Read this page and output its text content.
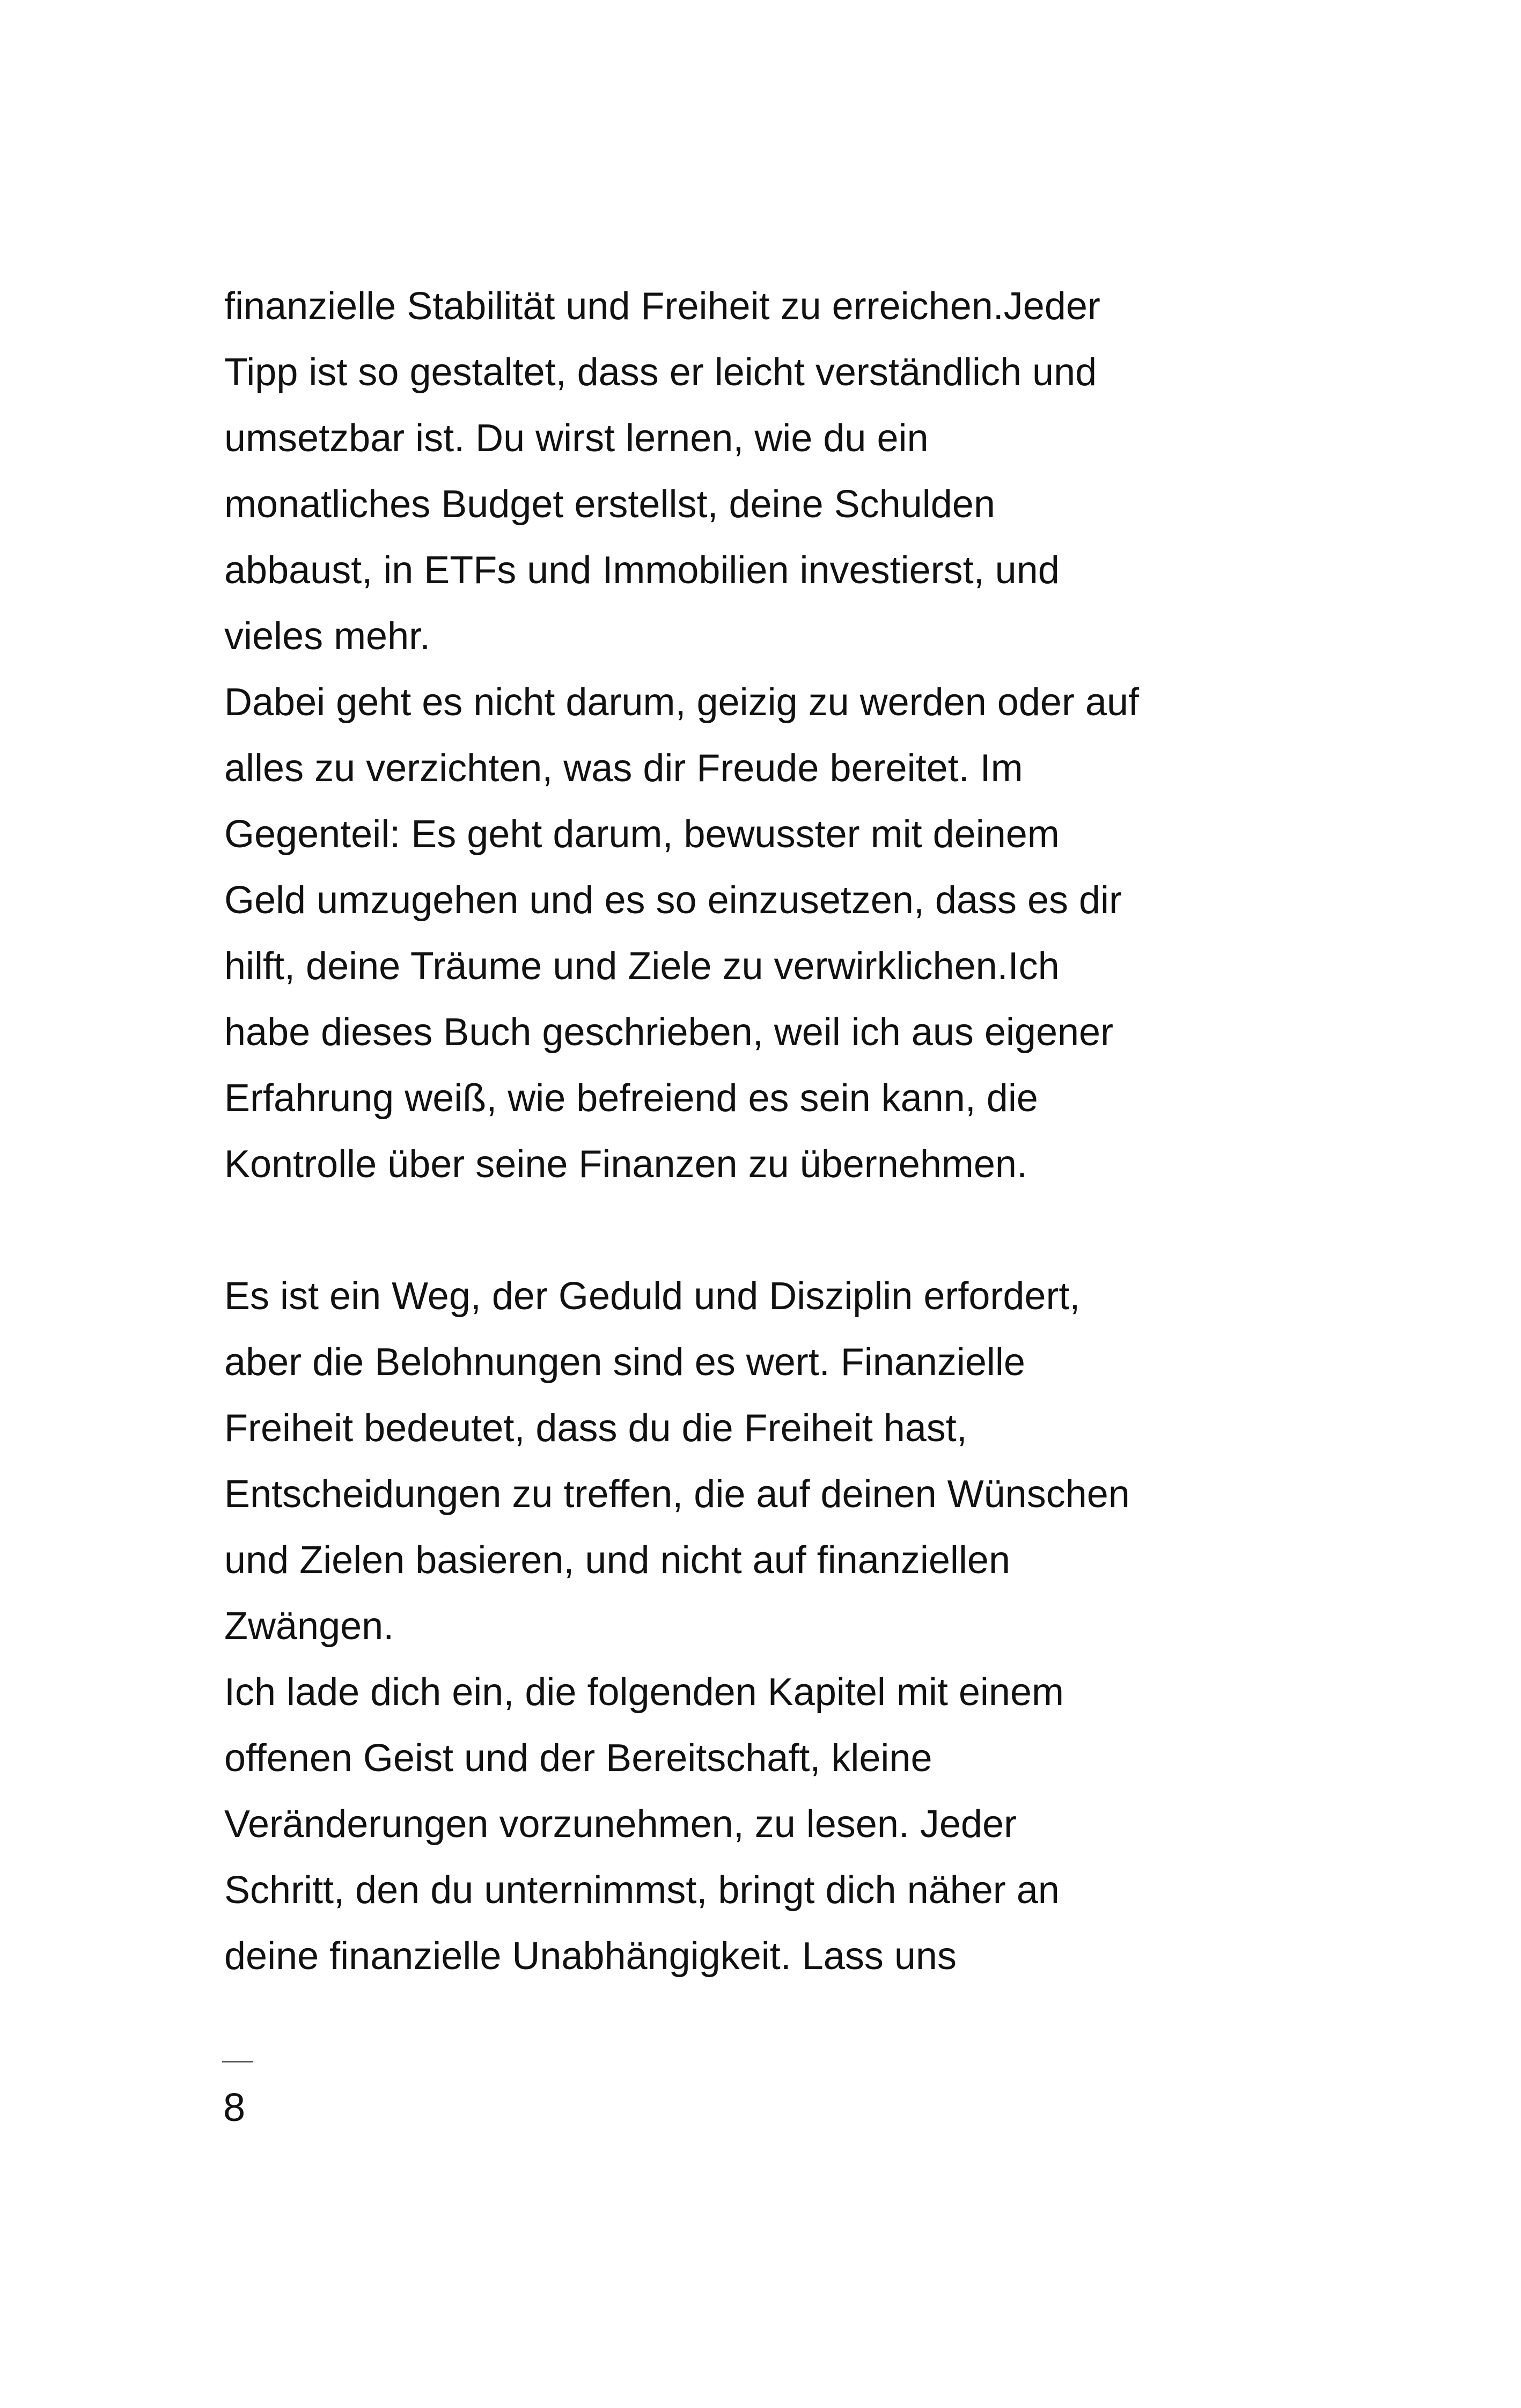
finanzielle Stabilität und Freiheit zu erreichen.Jeder
Tipp ist so gestaltet, dass er leicht verständlich und
umsetzbar ist. Du wirst lernen, wie du ein
monatliches Budget erstellst, deine Schulden
abbaust, in ETFs und Immobilien investierst, und
vieles mehr.
Dabei geht es nicht darum, geizig zu werden oder auf
alles zu verzichten, was dir Freude bereitet. Im
Gegenteil: Es geht darum, bewusster mit deinem
Geld umzugehen und es so einzusetzen, dass es dir
hilft, deine Träume und Ziele zu verwirklichen.Ich
habe dieses Buch geschrieben, weil ich aus eigener
Erfahrung weiß, wie befreiend es sein kann, die
Kontrolle über seine Finanzen zu übernehmen.
Es ist ein Weg, der Geduld und Disziplin erfordert,
aber die Belohnungen sind es wert. Finanzielle
Freiheit bedeutet, dass du die Freiheit hast,
Entscheidungen zu treffen, die auf deinen Wünschen
und Zielen basieren, und nicht auf finanziellen
Zwängen.
Ich lade dich ein, die folgenden Kapitel mit einem
offenen Geist und der Bereitschaft, kleine
Veränderungen vorzunehmen, zu lesen. Jeder
Schritt, den du unternimmst, bringt dich näher an
deine finanzielle Unabhängigkeit. Lass uns
8
